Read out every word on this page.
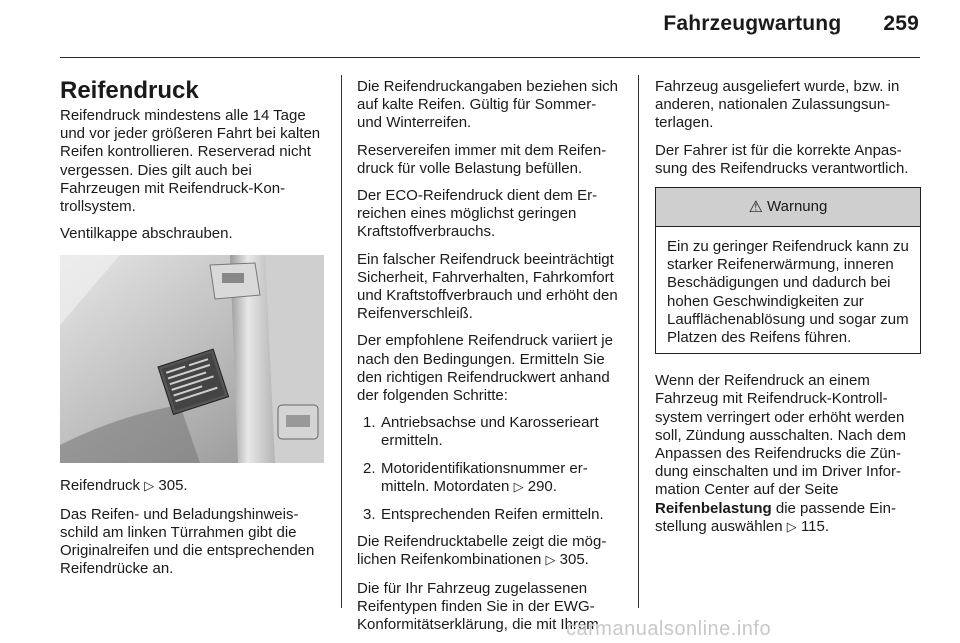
Fahrzeugwartung 259
Reifendruck

Reifendruck mindestens alle 14 Tage und vor jeder größeren Fahrt bei kalten Reifen kontrollieren. Reserverad nicht vergessen. Dies gilt auch bei Fahrzeugen mit Reifendruck-Kontrollsystem.

Ventilkappe abschrauben.

Reifendruck ▷ 305.

Das Reifen- und Beladungshinweisschild am linken Türrahmen gibt die Originalreifen und die entsprechenden Reifendrücke an.

Die Reifendruckangaben beziehen sich auf kalte Reifen. Gültig für Sommer- und Winterreifen.

Reservereifen immer mit dem Reifendruck für volle Belastung befüllen.

Der ECO-Reifendruck dient dem Erreichen eines möglichst geringen Kraftstoffverbrauchs.

Ein falscher Reifendruck beeinträchtigt Sicherheit, Fahrverhalten, Fahrkomfort und Kraftstoffverbrauch und erhöht den Reifenverschleiß.

Der empfohlene Reifendruck variiert je nach den Bedingungen. Ermitteln Sie den richtigen Reifendruckwert anhand der folgenden Schritte:

1. Antriebsachse und Karosserieart ermitteln.
2. Motoridentifikationsnummer ermitteln. Motordaten ▷ 290.
3. Entsprechenden Reifen ermitteln.

Die Reifendrucktabelle zeigt die möglichen Reifenkombinationen ▷ 305.

Die für Ihr Fahrzeug zugelassenen Reifentypen finden Sie in der EWG-Konformitätserklärung, die mit Ihrem

Fahrzeug ausgeliefert wurde, bzw. in anderen, nationalen Zulassungsunterlagen.

Der Fahrer ist für die korrekte Anpassung des Reifendrucks verantwortlich.

⚠ Warnung
Ein zu geringer Reifendruck kann zu starker Reifenerwärmung, inneren Beschädigungen und dadurch bei hohen Geschwindigkeiten zur Laufflächenablösung und sogar zum Platzen des Reifens führen.

Wenn der Reifendruck an einem Fahrzeug mit Reifendruck-Kontrollsystem verringert oder erhöht werden soll, Zündung ausschalten. Nach dem Anpassen des Reifendrucks die Zündung einschalten und im Driver Information Center auf der Seite Reifenbelastung die passende Einstellung auswählen ▷ 115.

carmanualsonline.info
